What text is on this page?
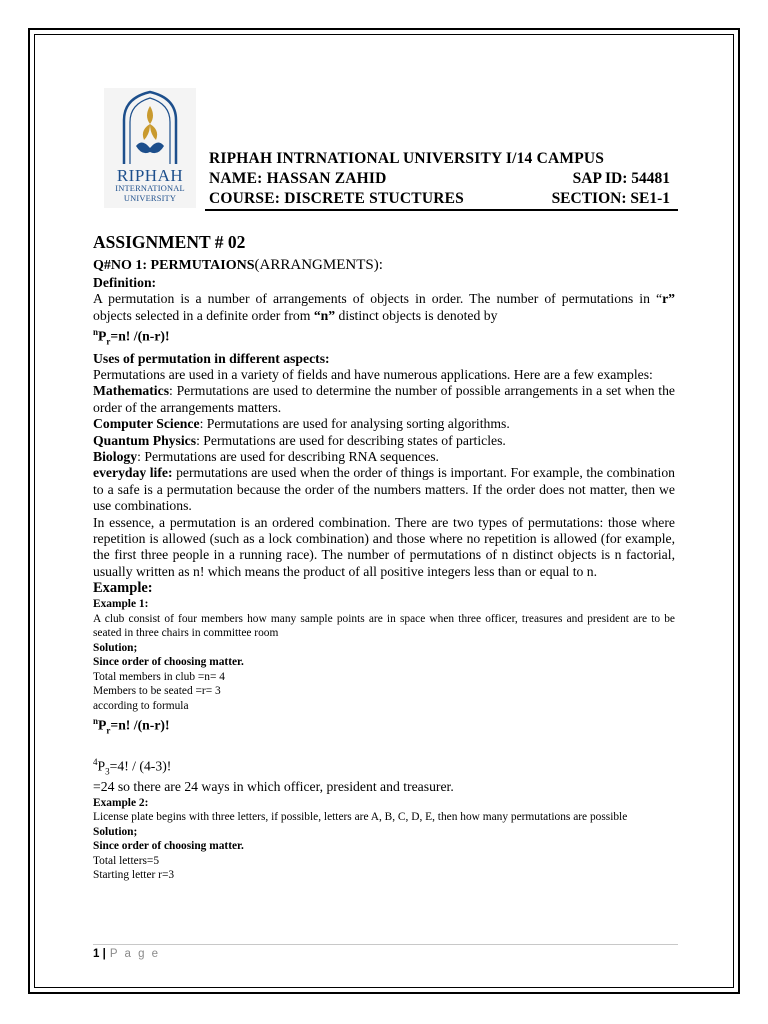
RIPHAH
INTERNATIONAL
UNIVERSITY
RIPHAH INTRNATIONAL UNIVERSITY I/14 CAMPUS
NAME: HASSAN ZAHID	SAP ID: 54481
COURSE: DISCRETE STUCTURES	SECTION: SE1-1
ASSIGNMENT # 02
Q#NO 1: PERMUTAIONS(ARRANGMENTS):
Definition:

A permutation is a number of arrangements of objects in order. The number of permutations in “r” objects selected in a definite order from “n” distinct objects is denoted by

$^nP_r=n$! /(n-r)!
Uses of permutation in different aspects:

Permutations are used in a variety of fields and have numerous applications. Here are a few examples:

Mathematics: Permutations are used to determine the number of possible arrangements in a set when the order of the arrangements matters.

Computer Science: Permutations are used for analysing sorting algorithms.

Quantum Physics: Permutations are used for describing states of particles.

Biology: Permutations are used for describing RNA sequences.

everyday life: permutations are used when the order of things is important. For example, the combination to a safe is a permutation because the order of the numbers matters. If the order does not matter, then we use combinations.

In essence, a permutation is an ordered combination. There are two types of permutations: those where repetition is allowed (such as a lock combination) and those where no repetition is allowed (for example, the first three people in a running race). The number of permutations of n distinct objects is n factorial, usually written as n! which means the product of all positive integers less than or equal to n.

Example:
Example 1:

A club consist of four members how many sample points are in space when three officer, treasures and president are to be seated in three chairs in committee room

Solution;
Since order of choosing matter.
Total members in club =n= 4
Members to be seated =r= 3
according to formula
$^nP_r=n$! /(n-r)!
$^4P_3=4$! / (4-3)!
=24 so there are 24 ways in which officer, president and treasurer.
Example 2:

License plate begins with three letters, if possible, letters are A, B, C, D, E, then how many permutations are possible

Solution;
Since order of choosing matter.
Total letters=5
Starting letter r=3
1 | P a g e
